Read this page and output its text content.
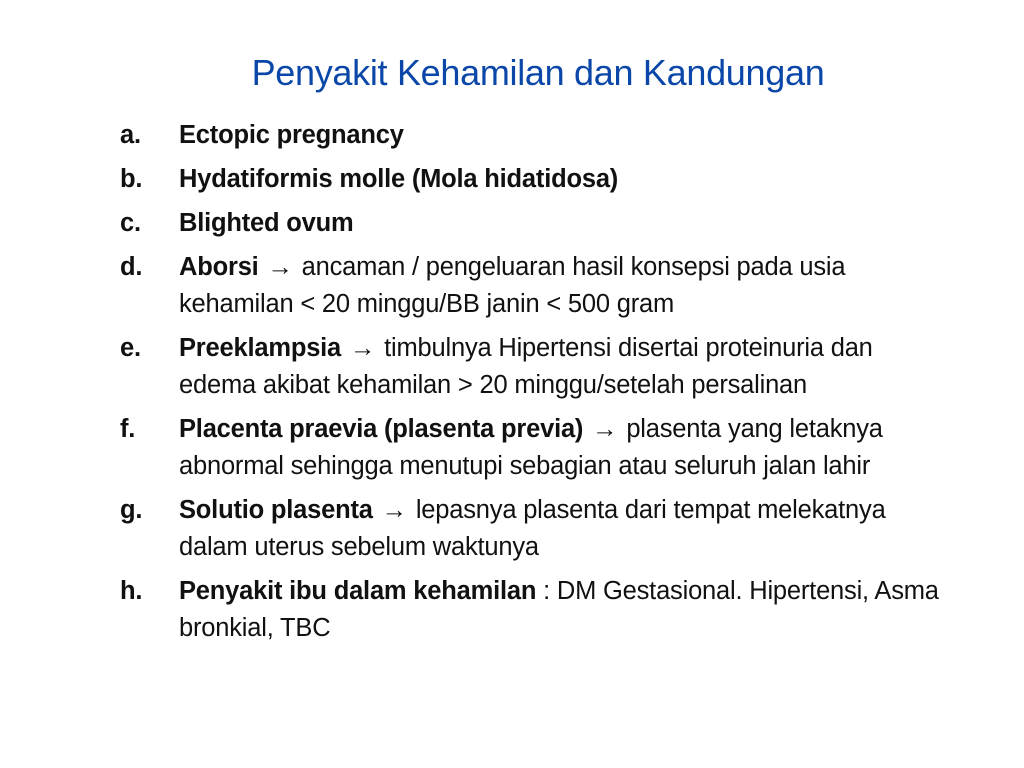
Penyakit Kehamilan dan Kandungan
a.	Ectopic pregnancy
b.	Hydatiformis molle (Mola hidatidosa)
c.	Blighted ovum
d.	Aborsi → ancaman / pengeluaran hasil konsepsi pada usia kehamilan < 20 minggu/BB janin < 500 gram
e.	Preeklampsia → timbulnya Hipertensi disertai proteinuria dan edema akibat kehamilan > 20 minggu/setelah persalinan
f.	Placenta praevia (plasenta previa) → plasenta yang letaknya abnormal sehingga menutupi sebagian atau seluruh jalan lahir
g.	Solutio plasenta → lepasnya plasenta dari tempat melekatnya dalam uterus sebelum waktunya
h.	Penyakit ibu dalam kehamilan : DM Gestasional. Hipertensi, Asma bronkial, TBC
